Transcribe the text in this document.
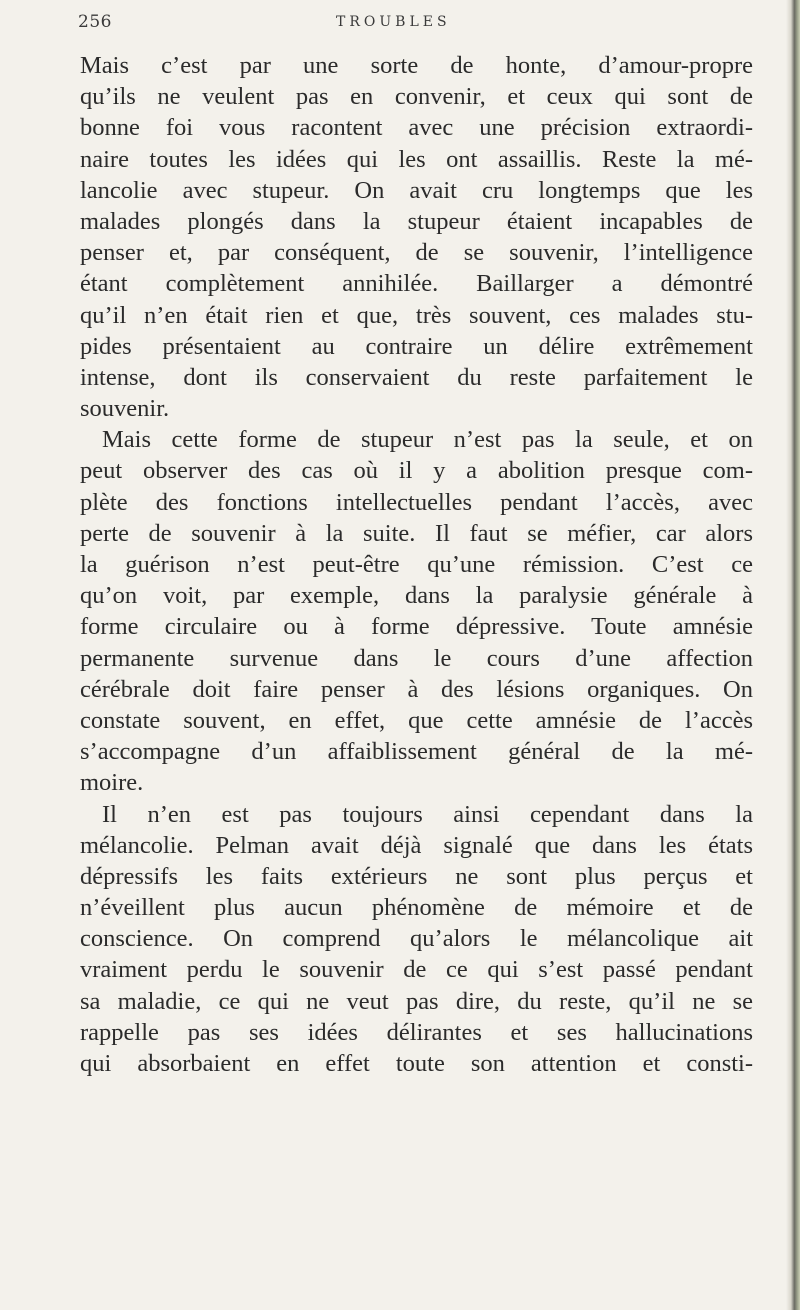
256	TROUBLES
Mais c’est par une sorte de honte, d’amour-propre
qu’ils ne veulent pas en convenir, et ceux qui sont de
bonne foi vous racontent avec une précision extraordi-
naire toutes les idées qui les ont assaillis. Reste la mé-
lancolie avec stupeur. On avait cru longtemps que les
malades plongés dans la stupeur étaient incapables de
penser et, par conséquent, de se souvenir, l’intelligence
étant complètement annihilée. Baillarger a démontré
qu’il n’en était rien et que, très souvent, ces malades stu-
pides présentaient au contraire un délire extrêmement
intense, dont ils conservaient du reste parfaitement le
souvenir.
Mais cette forme de stupeur n’est pas la seule, et on
peut observer des cas où il y a abolition presque com-
plète des fonctions intellectuelles pendant l’accès, avec
perte de souvenir à la suite. Il faut se méfier, car alors
la guérison n’est peut-être qu’une rémission. C’est ce
qu’on voit, par exemple, dans la paralysie générale à
forme circulaire ou à forme dépressive. Toute amnésie
permanente survenue dans le cours d’une affection
cérébrale doit faire penser à des lésions organiques. On
constate souvent, en effet, que cette amnésie de l’accès
s’accompagne d’un affaiblissement général de la mé-
moire.
Il n’en est pas toujours ainsi cependant dans la
mélancolie. Pelman avait déjà signalé que dans les états
dépressifs les faits extérieurs ne sont plus perçus et
n’éveillent plus aucun phénomène de mémoire et de
conscience. On comprend qu’alors le mélancolique ait
vraiment perdu le souvenir de ce qui s’est passé pendant
sa maladie, ce qui ne veut pas dire, du reste, qu’il ne se
rappelle pas ses idées délirantes et ses hallucinations
qui absorbaient en effet toute son attention et consti-
